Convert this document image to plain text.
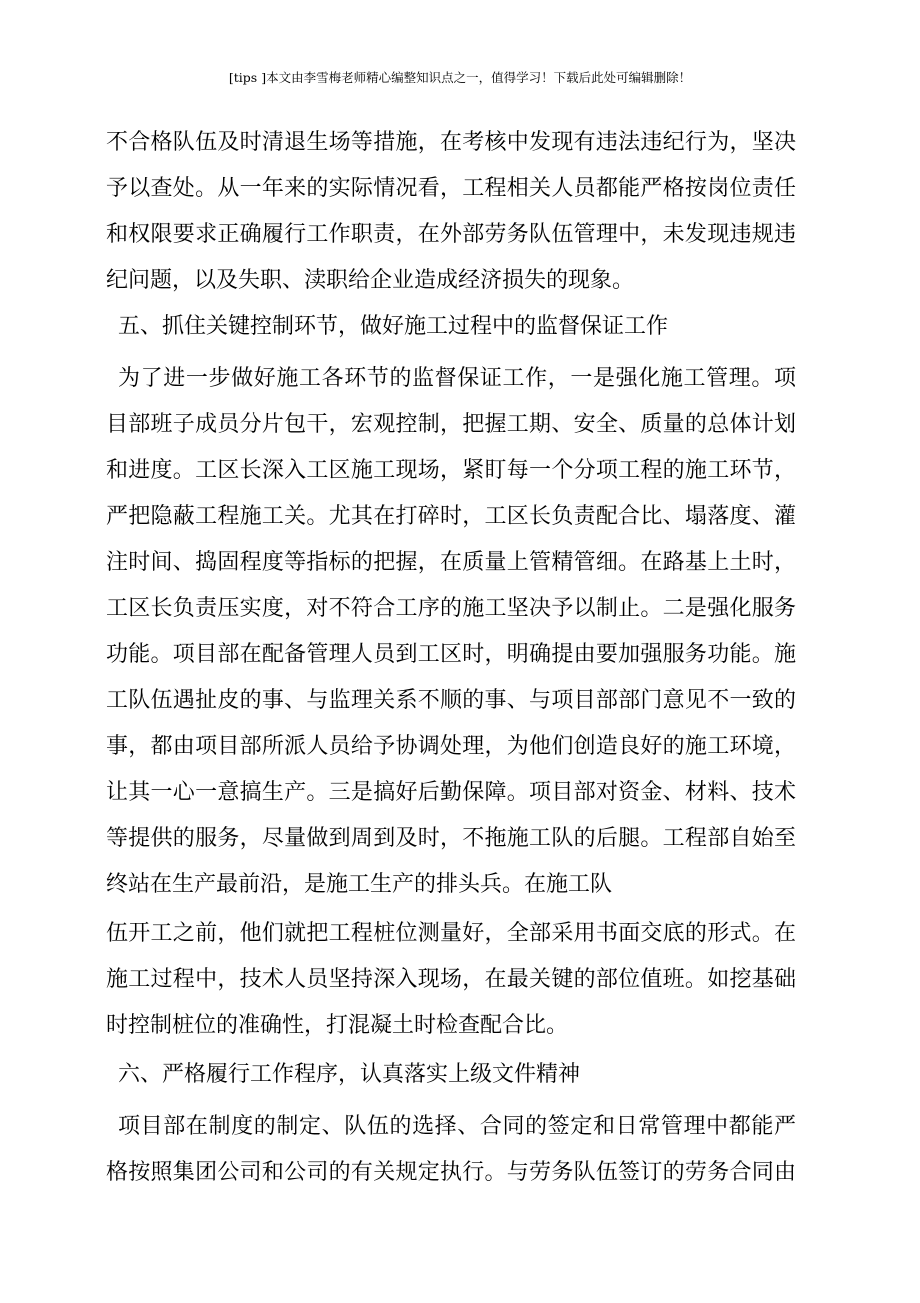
[tips ]本文由李雪梅老师精心编整知识点之一，值得学习！下载后此处可编辑删除！
不合格队伍及时清退生场等措施，在考核中发现有违法违纪行为，坚决
予以查处。从一年来的实际情况看，工程相关人员都能严格按岗位责任
和权限要求正确履行工作职责，在外部劳务队伍管理中，未发现违规违
纪问题，以及失职、渎职给企业造成经济损失的现象。
五、抓住关键控制环节，做好施工过程中的监督保证工作
为了进一步做好施工各环节的监督保证工作，一是强化施工管理。项
目部班子成员分片包干，宏观控制，把握工期、安全、质量的总体计划
和进度。工区长深入工区施工现场，紧盯每一个分项工程的施工环节，
严把隐蔽工程施工关。尤其在打碎时，工区长负责配合比、塌落度、灌
注时间、捣固程度等指标的把握，在质量上管精管细。在路基上土时，
工区长负责压实度，对不符合工序的施工坚决予以制止。二是强化服务
功能。项目部在配备管理人员到工区时，明确提由要加强服务功能。施
工队伍遇扯皮的事、与监理关系不顺的事、与项目部部门意见不一致的
事，都由项目部所派人员给予协调处理，为他们创造良好的施工环境，
让其一心一意搞生产。三是搞好后勤保障。项目部对资金、材料、技术
等提供的服务，尽量做到周到及时，不拖施工队的后腿。工程部自始至
终站在生产最前沿，是施工生产的排头兵。在施工队
伍开工之前，他们就把工程桩位测量好，全部采用书面交底的形式。在
施工过程中，技术人员坚持深入现场，在最关键的部位值班。如挖基础
时控制桩位的准确性，打混凝土时检查配合比。
六、严格履行工作程序，认真落实上级文件精神
项目部在制度的制定、队伍的选择、合同的签定和日常管理中都能严
格按照集团公司和公司的有关规定执行。与劳务队伍签订的劳务合同由
